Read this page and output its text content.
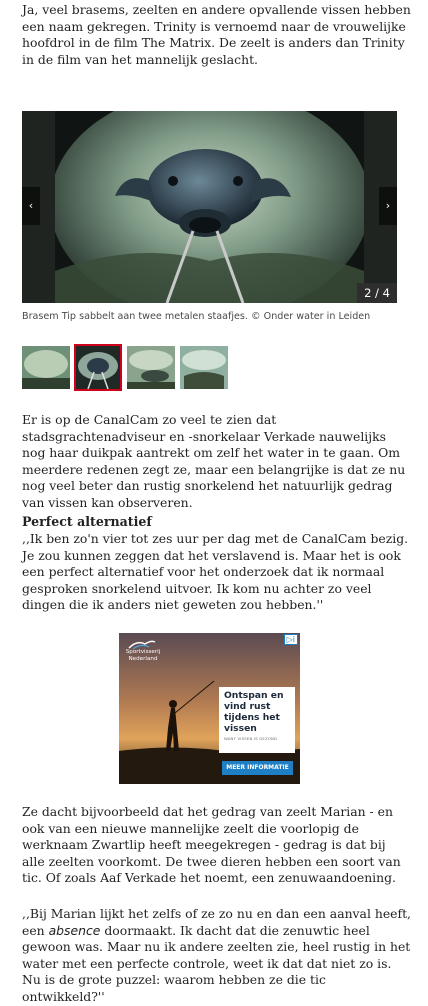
Ja, veel brasems, zeelten en andere opvallende vissen hebben een naam gekregen. Trinity is vernoemd naar de vrouwelijke hoofdrol in de film The Matrix. De zeelt is anders dan Trinity in de film van het mannelijk geslacht.

‹	›
2 / 4

Brasem Tip sabbelt aan twee metalen staafjes. © Onder water in Leiden

Er is op de CanalCam zo veel te zien dat stadsgrachtenadviseur en -snorkelaar Verkade nauwelijks nog haar duikpak aantrekt om zelf het water in te gaan. Om meerdere redenen zegt ze, maar een belangrijke is dat ze nu nog veel beter dan rustig snorkelend het natuurlijk gedrag van vissen kan observeren.

Perfect alternatief

,,Ik ben zo'n vier tot zes uur per dag met de CanalCam bezig. Je zou kunnen zeggen dat het verslavend is. Maar het is ook een perfect alternatief voor het onderzoek dat ik normaal gesproken snorkelend uitvoer. Ik kom nu achter zo veel dingen die ik anders niet geweten zou hebben.''

Sportvisserij Nederland
▷ⅰ

Ontspan en vind rust tijdens het vissen

WANT VISSEN IS GEZOND
MEER INFORMATIE

Ze dacht bijvoorbeeld dat het gedrag van zeelt Marian - en ook van een nieuwe mannelijke zeelt die voorlopig de werknaam Zwartlip heeft meegekregen - gedrag is dat bij alle zeelten voorkomt. De twee dieren hebben een soort van tic. Of zoals Aaf Verkade het noemt, een zenuwaandoening.

,,Bij Marian lijkt het zelfs of ze zo nu en dan een aanval heeft, een absence doormaakt. Ik dacht dat die zenuwtic heel gewoon was. Maar nu ik andere zeelten zie, heel rustig in het water met een perfecte controle, weet ik dat dat niet zo is. Nu is de grote puzzel: waarom hebben ze die tic ontwikkeld?''
